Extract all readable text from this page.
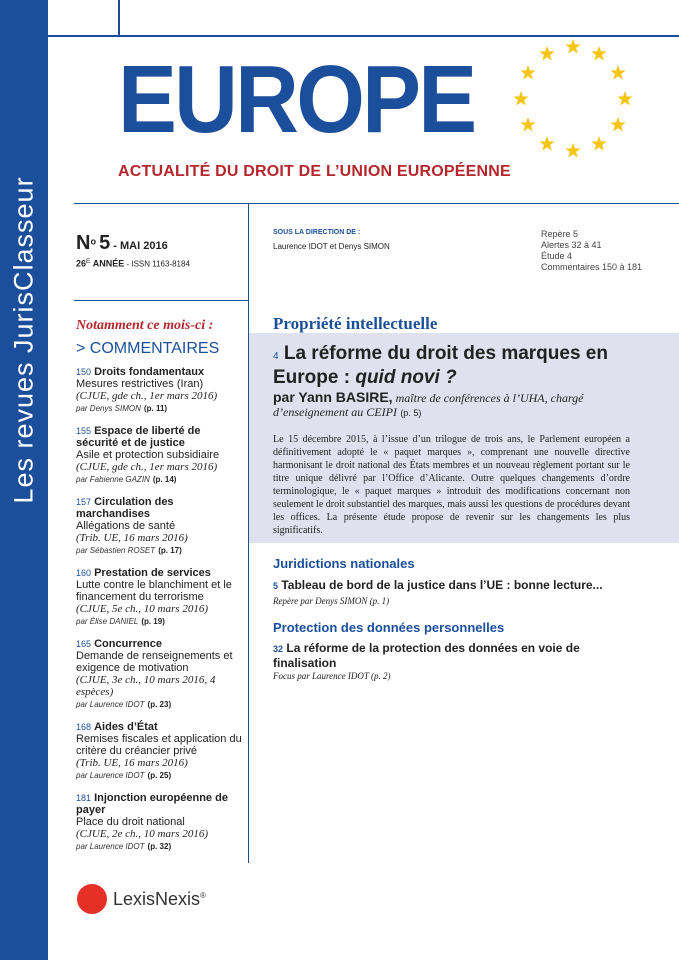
Les revues JurisClasseur
EUROPE
ACTUALITÉ DU DROIT DE L’UNION EUROPÉENNE
$N^o$ 5 - MAI 2016
$26^E$ ANNÉE - ISSN 1163-8184
SOUS LA DIRECTION DE :
Laurence IDOT et Denys SIMON
Repère 5
Alertes 32 à 41
Étude 4
Commentaires 150 à 181
Notamment ce mois-ci :
> COMMENTAIRES
150 Droits fondamentaux
Mesures restrictives (Iran)
(CJUE, gde ch., 1er mars 2016)
par Denys SIMON (p. 11)
155 Espace de liberté de sécurité et de justice
Asile et protection subsidiaire
(CJUE, gde ch., 1er mars 2016)
par Fabienne GAZIN (p. 14)
157 Circulation des marchandises
Allégations de santé
(Trib. UE, 16 mars 2016)
par Sébastien ROSET (p. 17)
160 Prestation de services
Lutte contre le blanchiment et le financement du terrorisme
(CJUE, 5e ch., 10 mars 2016)
par Élise DANIEL (p. 19)
165 Concurrence
Demande de renseignements et exigence de motivation
(CJUE, 3e ch., 10 mars 2016, 4 espèces)
par Laurence IDOT (p. 23)
168 Aides d’État
Remises fiscales et application du critère du créancier privé
(Trib. UE, 16 mars 2016)
par Laurence IDOT (p. 25)
181 Injonction européenne de payer
Place du droit national
(CJUE, 2e ch., 10 mars 2016)
par Laurence IDOT (p. 32)
Propriété intellectuelle
4 La réforme du droit des marques en Europe : quid novi ?
par Yann BASIRE, maître de conférences à l’UHA, chargé d’enseignement au CEIPI (p. 5)
Le 15 décembre 2015, à l’issue d’un trilogue de trois ans, le Parlement européen a définitivement adopté le « paquet marques », comprenant une nouvelle directive harmonisant le droit national des États membres et un nouveau règlement portant sur le titre unique délivré par l’Office d’Alicante. Outre quelques changements d’ordre terminologique, le « paquet marques » introduit des modifications concernant non seulement le droit substantiel des marques, mais aussi les questions de procédures devant les offices. La présente étude propose de revenir sur les changements les plus significatifs.
Juridictions nationales
5 Tableau de bord de la justice dans l’UE : bonne lecture...
Repère par Denys SIMON (p. 1)
Protection des données personnelles
32 La réforme de la protection des données en voie de finalisation
Focus par Laurence IDOT (p. 2)
LexisNexis®
